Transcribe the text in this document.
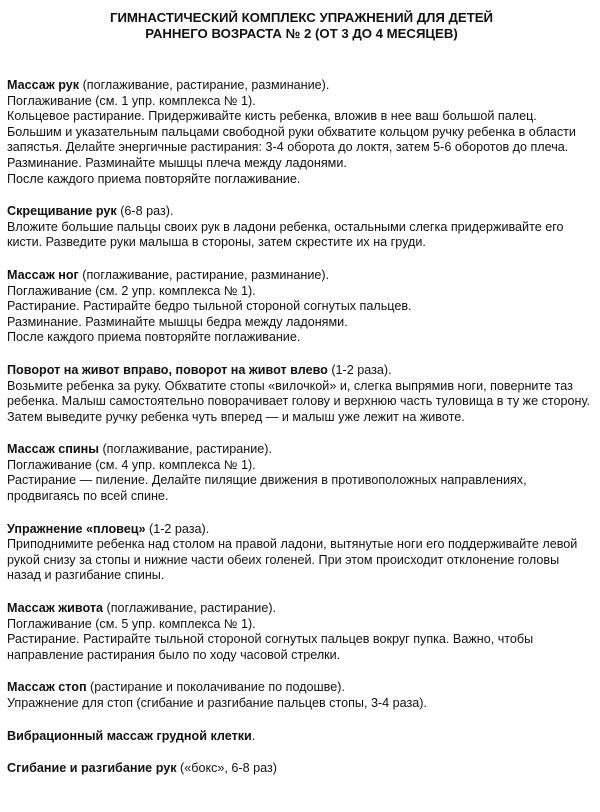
ГИМНАСТИЧЕСКИЙ КОМПЛЕКС УПРАЖНЕНИЙ ДЛЯ ДЕТЕЙ
РАННЕГО ВОЗРАСТА № 2 (ОТ 3 ДО 4 МЕСЯЦЕВ)

Массаж рук (поглаживание, растирание, разминание).

Поглаживание (см. 1 упр. комплекса № 1).

Кольцевое растирание. Придерживайте кисть ребенка, вложив в нее ваш большой палец. Большим и указательным пальцами свободной руки обхватите кольцом ручку ребенка в области запястья. Делайте энергичные растирания: 3-4 оборота до локтя, затем 5-6 оборотов до плеча.

Разминание. Разминайте мышцы плеча между ладонями.

После каждого приема повторяйте поглаживание.

Скрещивание рук (6-8 раз).

Вложите большие пальцы своих рук в ладони ребенка, остальными слегка придерживайте его кисти. Разведите руки малыша в стороны, затем скрестите их на груди.

Массаж ног (поглаживание, растирание, разминание).

Поглаживание (см. 2 упр. комплекса № 1).

Растирание. Растирайте бедро тыльной стороной согнутых пальцев.

Разминание. Разминайте мышцы бедра между ладонями.

После каждого приема повторяйте поглаживание.

Поворот на живот вправо, поворот на живот влево (1-2 раза).

Возьмите ребенка за руку. Обхватите стопы «вилочкой» и, слегка выпрямив ноги, поверните таз ребенка. Малыш самостоятельно поворачивает голову и верхнюю часть туловища в ту же сторону. Затем выведите ручку ребенка чуть вперед — и малыш уже лежит на животе.

Массаж спины (поглаживание, растирание).

Поглаживание (см. 4 упр. комплекса № 1).

Растирание — пиление. Делайте пилящие движения в противоположных направлениях, продвигаясь по всей спине.

Упражнение «пловец» (1-2 раза).

Приподнимите ребенка над столом на правой ладони, вытянутые ноги его поддерживайте левой рукой снизу за стопы и нижние части обеих голеней. При этом происходит отклонение головы назад и разгибание спины.

Массаж живота (поглаживание, растирание).

Поглаживание (см. 5 упр. комплекса № 1).

Растирание. Растирайте тыльной стороной согнутых пальцев вокруг пупка. Важно, чтобы направление растирания было по ходу часовой стрелки.

Массаж стоп (растирание и поколачивание по подошве).

Упражнение для стоп (сгибание и разгибание пальцев стопы, 3-4 раза).

Вибрационный массаж грудной клетки.

Сгибание и разгибание рук («бокс», 6-8 раз)
